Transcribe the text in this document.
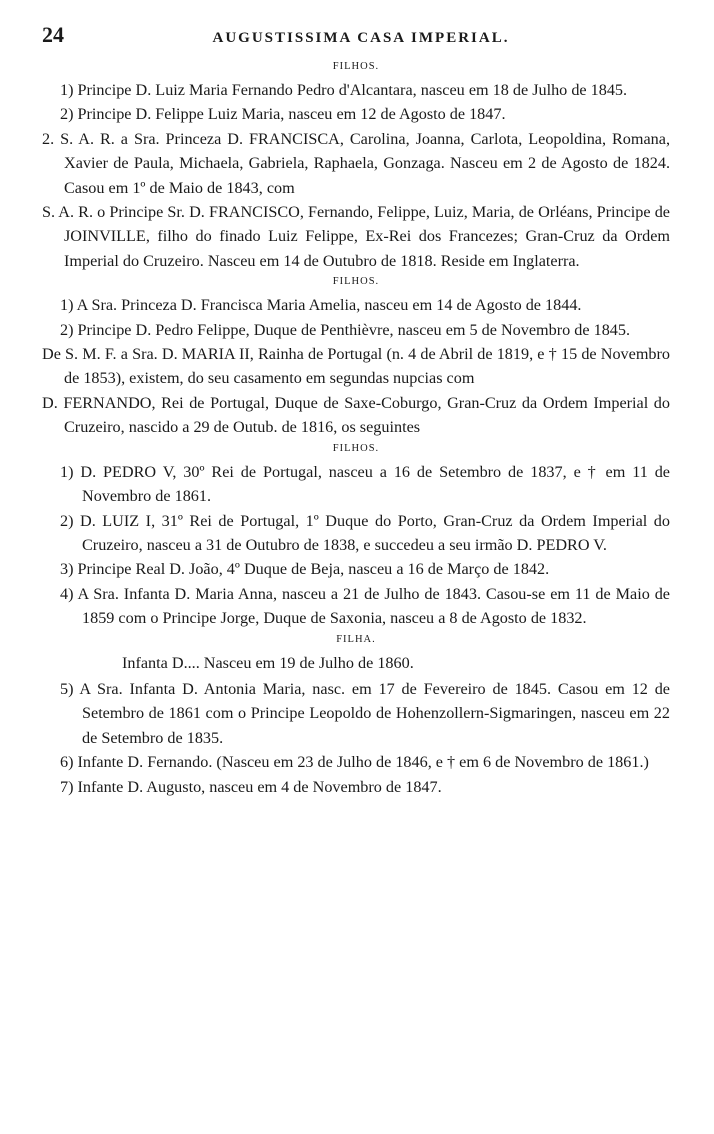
24	AUGUSTISSIMA CASA IMPERIAL.
FILHOS.

1) Principe D. Luiz Maria Fernando Pedro d'Alcantara, nasceu em 18 de Julho de 1845.

2) Principe D. Felippe Luiz Maria, nasceu em 12 de Agosto de 1847.

2. S. A. R. a Sra. Princeza D. FRANCISCA, Carolina, Joanna, Carlota, Leopoldina, Romana, Xavier de Paula, Michaela, Gabriela, Raphaela, Gonzaga. Nasceu em 2 de Agosto de 1824. Casou em 1º de Maio de 1843, com

S. A. R. o Principe Sr. D. FRANCISCO, Fernando, Felippe, Luiz, Maria, de Orléans, Principe de JOINVILLE, filho do finado Luiz Felippe, Ex-Rei dos Francezes; Gran-Cruz da Ordem Imperial do Cruzeiro. Nasceu em 14 de Outubro de 1818. Reside em Inglaterra.

FILHOS.

1) A Sra. Princeza D. Francisca Maria Amelia, nasceu em 14 de Agosto de 1844.

2) Principe D. Pedro Felippe, Duque de Penthièvre, nasceu em 5 de Novembro de 1845.

De S. M. F. a Sra. D. MARIA II, Rainha de Portugal (n. 4 de Abril de 1819, e † 15 de Novembro de 1853), existem, do seu casamento em segundas nupcias com

D. FERNANDO, Rei de Portugal, Duque de Saxe-Coburgo, Gran-Cruz da Ordem Imperial do Cruzeiro, nascido a 29 de Outub. de 1816, os seguintes

FILHOS.

1) D. PEDRO V, 30º Rei de Portugal, nasceu a 16 de Setembro de 1837, e † em 11 de Novembro de 1861.

2) D. LUIZ I, 31º Rei de Portugal, 1º Duque do Porto, Gran-Cruz da Ordem Imperial do Cruzeiro, nasceu a 31 de Outubro de 1838, e succedeu a seu irmão D. PEDRO V.

3) Principe Real D. João, 4º Duque de Beja, nasceu a 16 de Março de 1842.

4) A Sra. Infanta D. Maria Anna, nasceu a 21 de Julho de 1843. Casou-se em 11 de Maio de 1859 com o Principe Jorge, Duque de Saxonia, nasceu a 8 de Agosto de 1832.

FILHA.

Infanta D.... Nasceu em 19 de Julho de 1860.

5) A Sra. Infanta D. Antonia Maria, nasc. em 17 de Fevereiro de 1845. Casou em 12 de Setembro de 1861 com o Principe Leopoldo de Hohenzollern-Sigmaringen, nasceu em 22 de Setembro de 1835.

6) Infante D. Fernando. (Nasceu em 23 de Julho de 1846, e † em 6 de Novembro de 1861.)

7) Infante D. Augusto, nasceu em 4 de Novembro de 1847.
